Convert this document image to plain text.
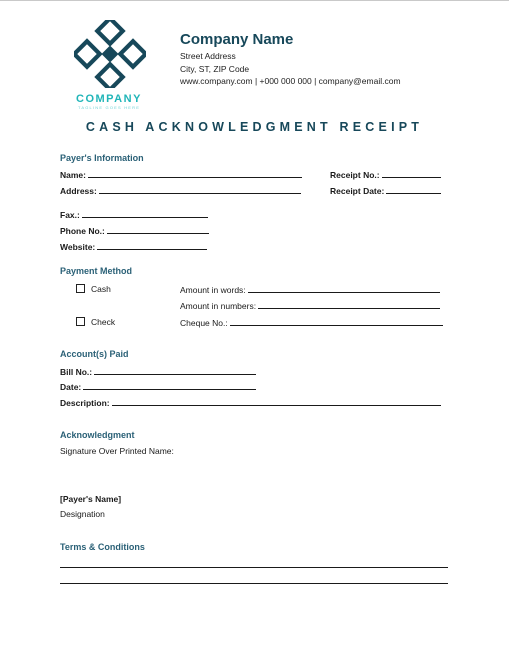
COMPANY
TAGLINE GOES HERE
Company Name
Street Address
City, ST, ZIP Code
www.company.com | +000 000 000 | company@email.com
CASH ACKNOWLEDGMENT RECEIPT
Payer's Information
Name:	Receipt No.:
Address:	Receipt Date:
Fax.:
Phone No.:
Website:
Payment Method
Cash	Amount in words:
Amount in numbers:
Check	Cheque No.:
Account(s) Paid
Bill No.:
Date:
Description:
Acknowledgment
Signature Over Printed Name:
[Payer's Name]
Designation
Terms & Conditions
